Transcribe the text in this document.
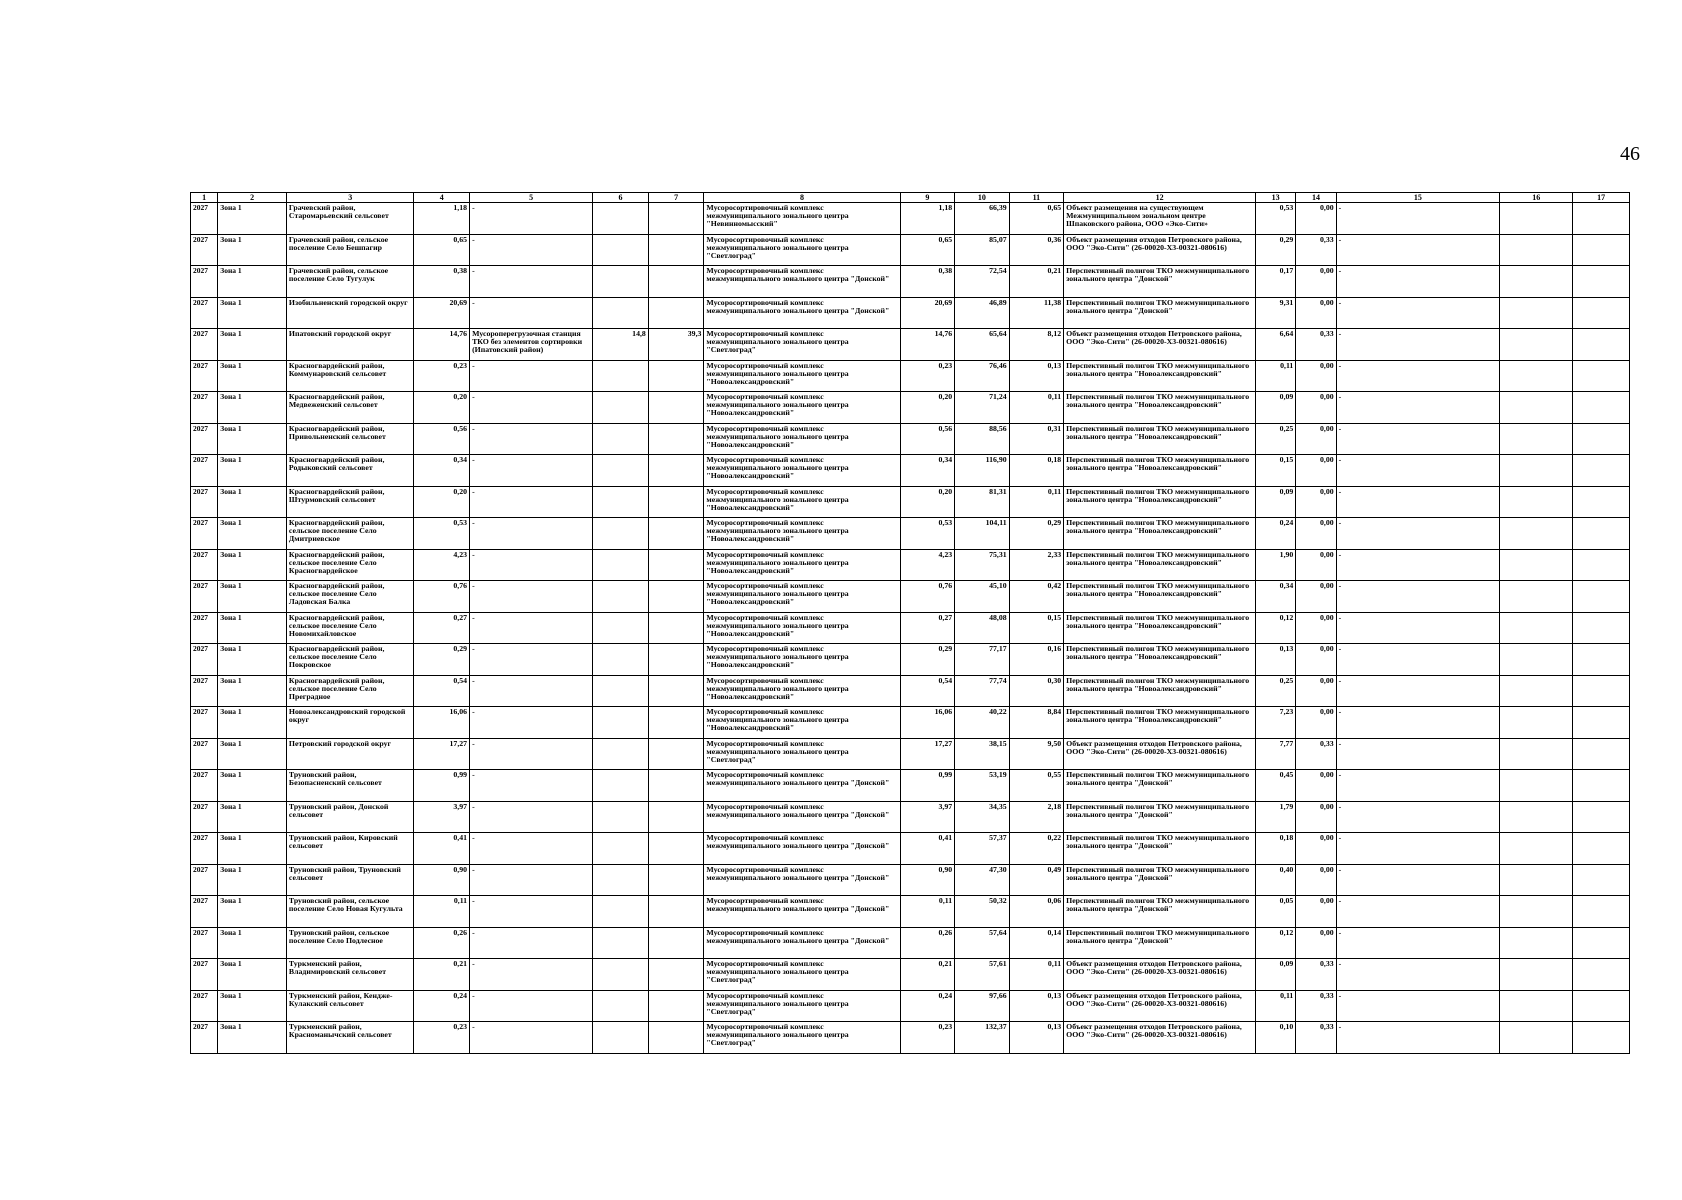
46
1	2	3	4	5	6	7	8	9	10	11	12	13	14	15	16	17
2027	Зона 1	Грачевский район, Старомарьевский сельсовет	1,18	-			Мусоросортировочный комплекс межмуниципального зонального центра "Невинномысский"	1,18	66,39	0,65	Объект размещения на существующем Межмуниципальном зональном центре Шпаковского района, ООО «Эко-Сити»	0,53	0,00	-		
2027	Зона 1	Грачевский район, сельское поселение Село Бешпагир	0,65	-			Мусоросортировочный комплекс межмуниципального зонального центра "Светлоград"	0,65	85,07	0,36	Объект размещения отходов Петровского района, ООО "Эко-Сити" (26-00020-Х3-00321-080616)	0,29	0,33	-		
2027	Зона 1	Грачевский район, сельское поселение Село Тугулук	0,38	-			Мусоросортировочный комплекс межмуниципального зонального центра "Донской"	0,38	72,54	0,21	Перспективный полигон ТКО межмуниципального зонального центра "Донской"	0,17	0,00	-		
2027	Зона 1	Изобильненский городской округ	20,69	-			Мусоросортировочный комплекс межмуниципального зонального центра "Донской"	20,69	46,89	11,38	Перспективный полигон ТКО межмуниципального зонального центра "Донской"	9,31	0,00	-		
2027	Зона 1	Ипатовский городской округ	14,76	Мусороперегрузочная станция ТКО без элементов сортировки (Ипатовский район)	14,8	39,3	Мусоросортировочный комплекс межмуниципального зонального центра "Светлоград"	14,76	65,64	8,12	Объект размещения отходов Петровского района, ООО "Эко-Сити" (26-00020-Х3-00321-080616)	6,64	0,33	-		
2027	Зона 1	Красногвардейский район, Коммунаровский сельсовет	0,23	-			Мусоросортировочный комплекс межмуниципального зонального центра "Новоалександровский"	0,23	76,46	0,13	Перспективный полигон ТКО межмуниципального зонального центра "Новоалександровский"	0,11	0,00	-		
2027	Зона 1	Красногвардейский район, Медвеженский сельсовет	0,20	-			Мусоросортировочный комплекс межмуниципального зонального центра "Новоалександровский"	0,20	71,24	0,11	Перспективный полигон ТКО межмуниципального зонального центра "Новоалександровский"	0,09	0,00	-		
2027	Зона 1	Красногвардейский район, Привольненский сельсовет	0,56	-			Мусоросортировочный комплекс межмуниципального зонального центра "Новоалександровский"	0,56	88,56	0,31	Перспективный полигон ТКО межмуниципального зонального центра "Новоалександровский"	0,25	0,00	-		
2027	Зона 1	Красногвардейский район, Родыковский сельсовет	0,34	-			Мусоросортировочный комплекс межмуниципального зонального центра "Новоалександровский"	0,34	116,90	0,18	Перспективный полигон ТКО межмуниципального зонального центра "Новоалександровский"	0,15	0,00	-		
2027	Зона 1	Красногвардейский район, Штурмовский сельсовет	0,20	-			Мусоросортировочный комплекс межмуниципального зонального центра "Новоалександровский"	0,20	81,31	0,11	Перспективный полигон ТКО межмуниципального зонального центра "Новоалександровский"	0,09	0,00	-		
2027	Зона 1	Красногвардейский район, сельское поселение Село Дмитриевское	0,53	-			Мусоросортировочный комплекс межмуниципального зонального центра "Новоалександровский"	0,53	104,11	0,29	Перспективный полигон ТКО межмуниципального зонального центра "Новоалександровский"	0,24	0,00	-		
2027	Зона 1	Красногвардейский район, сельское поселение Село Красногвардейское	4,23	-			Мусоросортировочный комплекс межмуниципального зонального центра "Новоалександровский"	4,23	75,31	2,33	Перспективный полигон ТКО межмуниципального зонального центра "Новоалександровский"	1,90	0,00	-		
2027	Зона 1	Красногвардейский район, сельское поселение Село Ладовская Балка	0,76	-			Мусоросортировочный комплекс межмуниципального зонального центра "Новоалександровский"	0,76	45,10	0,42	Перспективный полигон ТКО межмуниципального зонального центра "Новоалександровский"	0,34	0,00	-		
2027	Зона 1	Красногвардейский район, сельское поселение Село Новомихайловское	0,27	-			Мусоросортировочный комплекс межмуниципального зонального центра "Новоалександровский"	0,27	48,08	0,15	Перспективный полигон ТКО межмуниципального зонального центра "Новоалександровский"	0,12	0,00	-		
2027	Зона 1	Красногвардейский район, сельское поселение Село Покровское	0,29	-			Мусоросортировочный комплекс межмуниципального зонального центра "Новоалександровский"	0,29	77,17	0,16	Перспективный полигон ТКО межмуниципального зонального центра "Новоалександровский"	0,13	0,00	-		
2027	Зона 1	Красногвардейский район, сельское поселение Село Преградное	0,54	-			Мусоросортировочный комплекс межмуниципального зонального центра "Новоалександровский"	0,54	77,74	0,30	Перспективный полигон ТКО межмуниципального зонального центра "Новоалександровский"	0,25	0,00	-		
2027	Зона 1	Новоалександровский городской округ	16,06	-			Мусоросортировочный комплекс межмуниципального зонального центра "Новоалександровский"	16,06	40,22	8,84	Перспективный полигон ТКО межмуниципального зонального центра "Новоалександровский"	7,23	0,00	-		
2027	Зона 1	Петровский городской округ	17,27	-			Мусоросортировочный комплекс межмуниципального зонального центра "Светлоград"	17,27	38,15	9,50	Объект размещения отходов Петровского района, ООО "Эко-Сити" (26-00020-Х3-00321-080616)	7,77	0,33	-		
2027	Зона 1	Труновский район, Безопасненский сельсовет	0,99	-			Мусоросортировочный комплекс межмуниципального зонального центра "Донской"	0,99	53,19	0,55	Перспективный полигон ТКО межмуниципального зонального центра "Донской"	0,45	0,00	-		
2027	Зона 1	Труновский район, Донской сельсовет	3,97	-			Мусоросортировочный комплекс межмуниципального зонального центра "Донской"	3,97	34,35	2,18	Перспективный полигон ТКО межмуниципального зонального центра "Донской"	1,79	0,00	-		
2027	Зона 1	Труновский район, Кировский сельсовет	0,41	-			Мусоросортировочный комплекс межмуниципального зонального центра "Донской"	0,41	57,37	0,22	Перспективный полигон ТКО межмуниципального зонального центра "Донской"	0,18	0,00	-		
2027	Зона 1	Труновский район, Труновский сельсовет	0,90	-			Мусоросортировочный комплекс межмуниципального зонального центра "Донской"	0,90	47,30	0,49	Перспективный полигон ТКО межмуниципального зонального центра "Донской"	0,40	0,00	-		
2027	Зона 1	Труновский район, сельское поселение Село Новая Кугульта	0,11	-			Мусоросортировочный комплекс межмуниципального зонального центра "Донской"	0,11	50,32	0,06	Перспективный полигон ТКО межмуниципального зонального центра "Донской"	0,05	0,00	-		
2027	Зона 1	Труновский район, сельское поселение Село Подлесное	0,26	-			Мусоросортировочный комплекс межмуниципального зонального центра "Донской"	0,26	57,64	0,14	Перспективный полигон ТКО межмуниципального зонального центра "Донской"	0,12	0,00	-		
2027	Зона 1	Туркменский район, Владимировский сельсовет	0,21	-			Мусоросортировочный комплекс межмуниципального зонального центра "Светлоград"	0,21	57,61	0,11	Объект размещения отходов Петровского района, ООО "Эко-Сити" (26-00020-Х3-00321-080616)	0,09	0,33	-		
2027	Зона 1	Туркменский район, Кендже-Кулакский сельсовет	0,24	-			Мусоросортировочный комплекс межмуниципального зонального центра "Светлоград"	0,24	97,66	0,13	Объект размещения отходов Петровского района, ООО "Эко-Сити" (26-00020-Х3-00321-080616)	0,11	0,33	-		
2027	Зона 1	Туркменский район, Красноманычский сельсовет	0,23	-			Мусоросортировочный комплекс межмуниципального зонального центра "Светлоград"	0,23	132,37	0,13	Объект размещения отходов Петровского района, ООО "Эко-Сити" (26-00020-Х3-00321-080616)	0,10	0,33	-		
